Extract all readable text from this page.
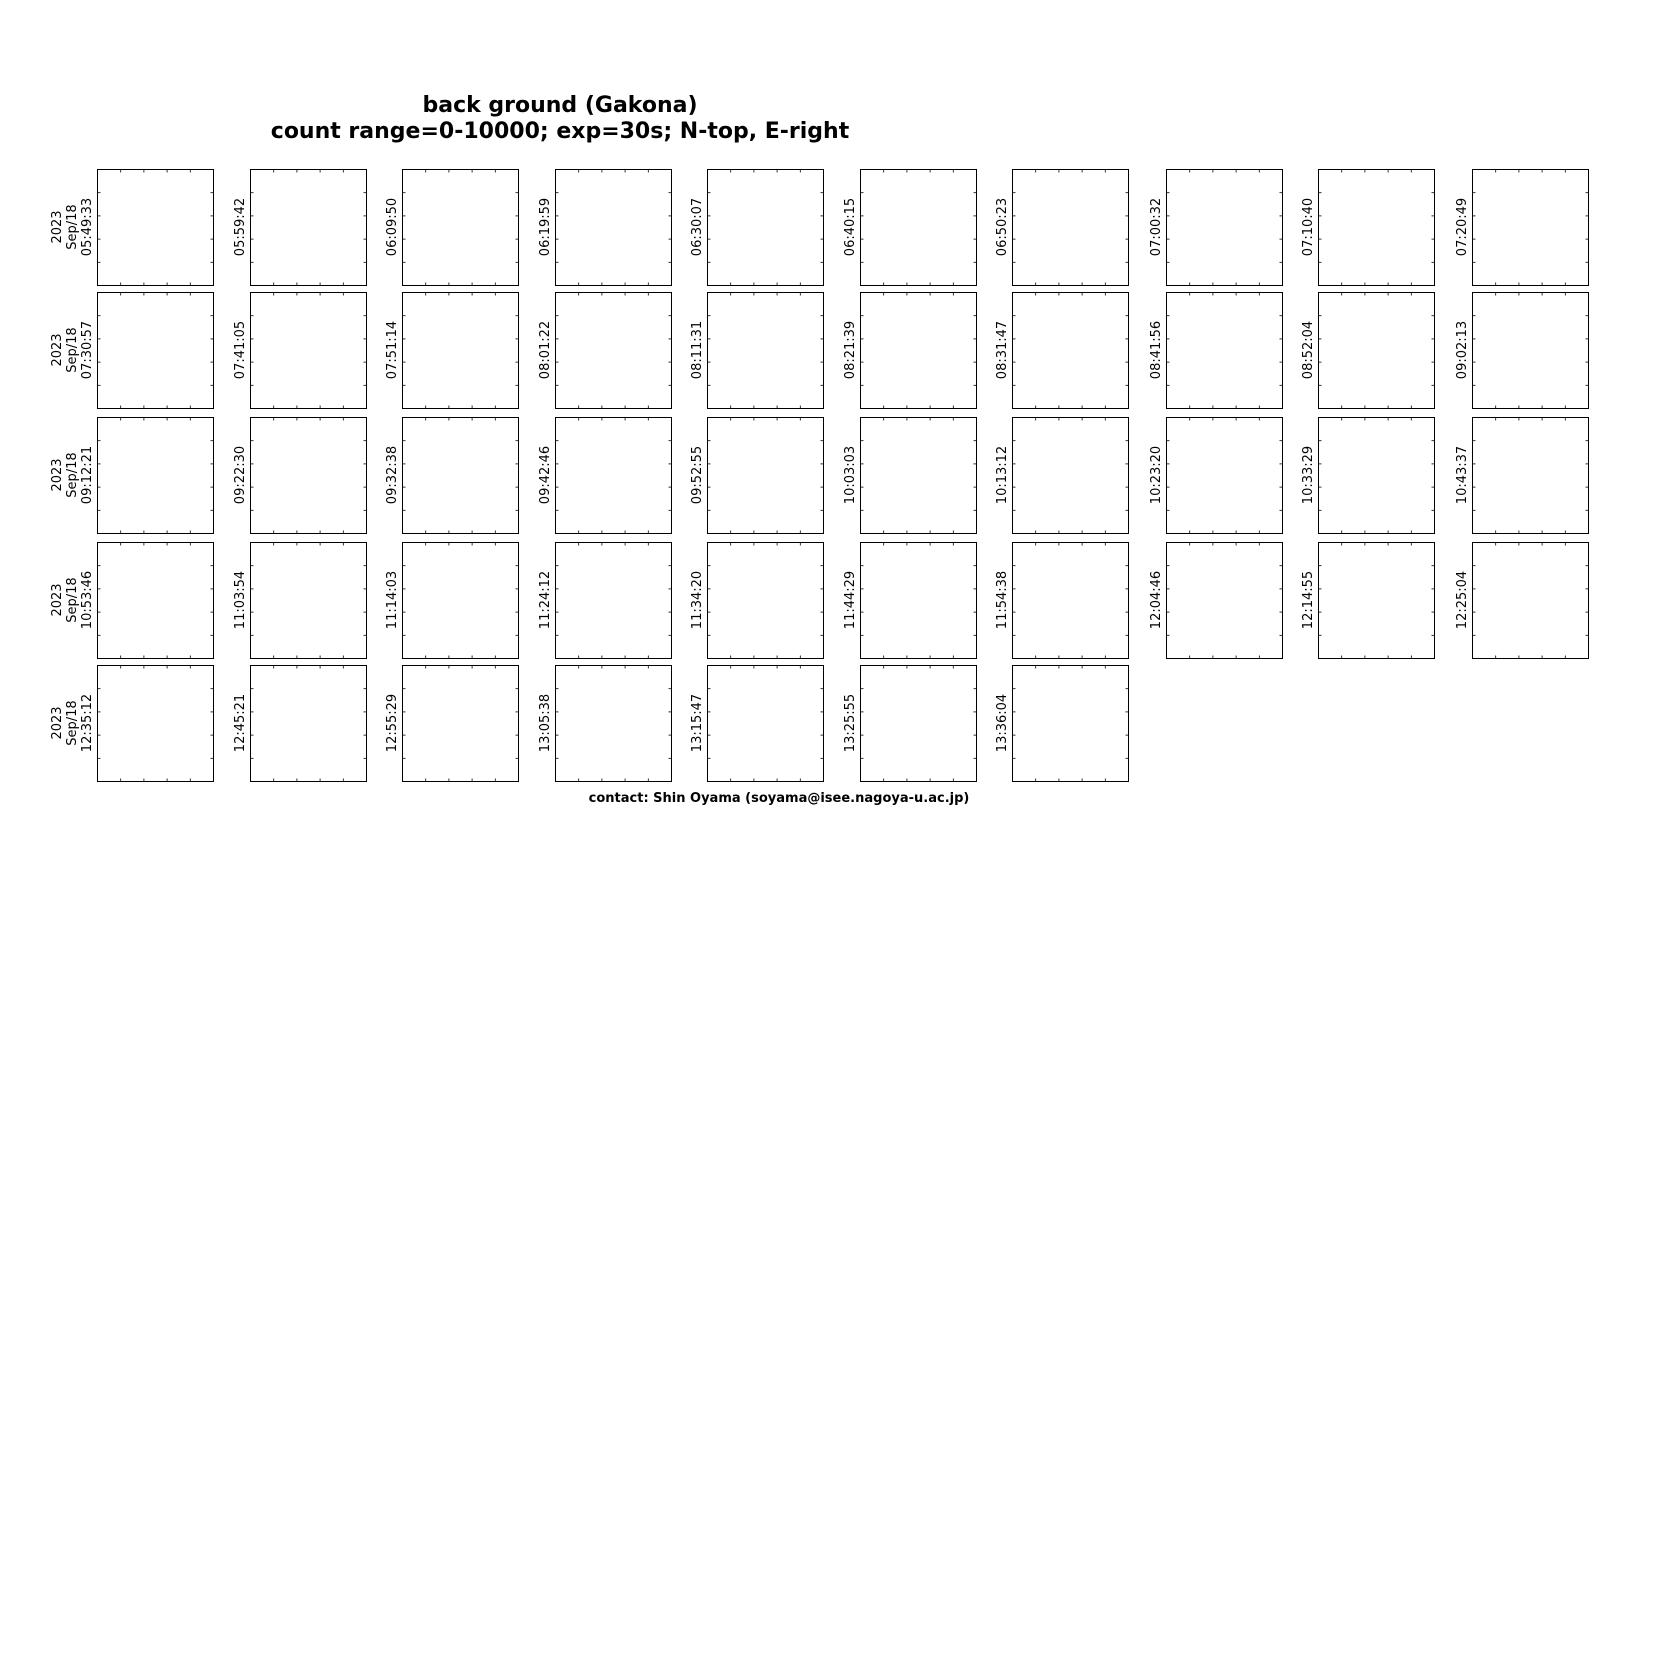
back ground (Gakona)
count range=0-10000; exp=30s; N-top, E-right
2023 Sep/18 05:49:33	05:59:42	06:09:50	06:19:59	06:30:07	06:40:15	06:50:23	07:00:32	07:10:40	07:20:49
2023 Sep/18 07:30:57	07:41:05	07:51:14	08:01:22	08:11:31	08:21:39	08:31:47	08:41:56	08:52:04	09:02:13
2023 Sep/18 09:12:21	09:22:30	09:32:38	09:42:46	09:52:55	10:03:03	10:13:12	10:23:20	10:33:29	10:43:37
2023 Sep/18 10:53:46	11:03:54	11:14:03	11:24:12	11:34:20	11:44:29	11:54:38	12:04:46	12:14:55	12:25:04
2023 Sep/18 12:35:12	12:45:21	12:55:29	13:05:38	13:15:47	13:25:55	13:36:04
contact: Shin Oyama (soyama@isee.nagoya-u.ac.jp)
